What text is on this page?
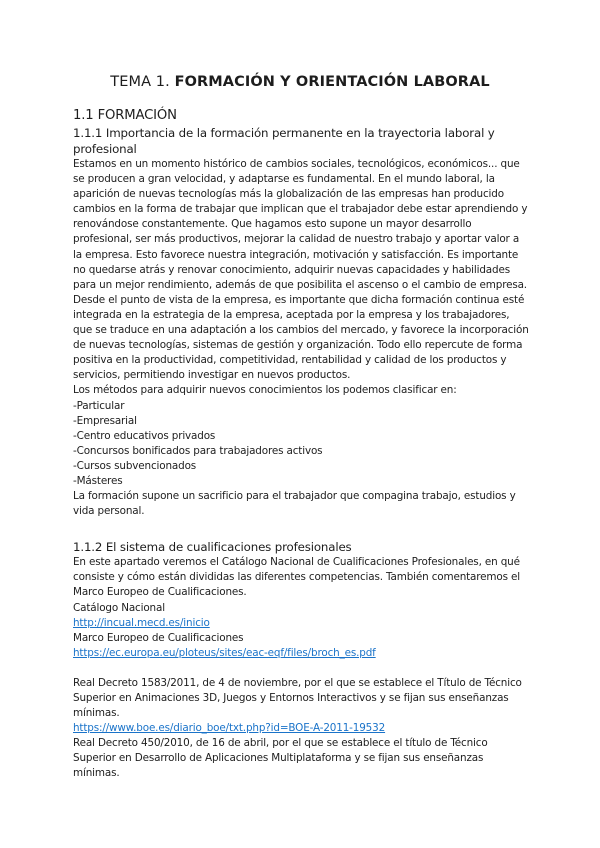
TEMA 1. FORMACIÓN Y ORIENTACIÓN LABORAL
1.1 FORMACIÓN
1.1.1 Importancia de la formación permanente en la trayectoria laboral y profesional

Estamos en un momento histórico de cambios sociales, tecnológicos, económicos... que se producen a gran velocidad, y adaptarse es fundamental. En el mundo laboral, la aparición de nuevas tecnologías más la globalización de las empresas han producido cambios en la forma de trabajar que implican que el trabajador debe estar aprendiendo y renovándose constantemente. Que hagamos esto supone un mayor desarrollo profesional, ser más productivos, mejorar la calidad de nuestro trabajo y aportar valor a la empresa. Esto favorece nuestra integración, motivación y satisfacción. Es importante no quedarse atrás y renovar conocimiento, adquirir nuevas capacidades y habilidades para un mejor rendimiento, además de que posibilita el ascenso o el cambio de empresa.

Desde el punto de vista de la empresa, es importante que dicha formación continua esté integrada en la estrategia de la empresa, aceptada por la empresa y los trabajadores, que se traduce en una adaptación a los cambios del mercado, y favorece la incorporación de nuevas tecnologías, sistemas de gestión y organización. Todo ello repercute de forma positiva en la productividad, competitividad, rentabilidad y calidad de los productos y servicios, permitiendo investigar en nuevos productos.

Los métodos para adquirir nuevos conocimientos los podemos clasificar en:

-Particular

-Empresarial

-Centro educativos privados

-Concursos bonificados para trabajadores activos

-Cursos subvencionados

-Másteres

La formación supone un sacrificio para el trabajador que compagina trabajo, estudios y vida personal.

1.1.2 El sistema de cualificaciones profesionales

En este apartado veremos el Catálogo Nacional de Cualificaciones Profesionales, en qué consiste y cómo están divididas las diferentes competencias. También comentaremos el Marco Europeo de Cualificaciones.

Catálogo Nacional

http://incual.mecd.es/inicio

Marco Europeo de Cualificaciones

https://ec.europa.eu/ploteus/sites/eac-eqf/files/broch_es.pdf

Real Decreto 1583/2011, de 4 de noviembre, por el que se establece el Título de Técnico Superior en Animaciones 3D, Juegos y Entornos Interactivos y se fijan sus enseñanzas mínimas.

https://www.boe.es/diario_boe/txt.php?id=BOE-A-2011-19532

Real Decreto 450/2010, de 16 de abril, por el que se establece el título de Técnico Superior en Desarrollo de Aplicaciones Multiplataforma y se fijan sus enseñanzas mínimas.
